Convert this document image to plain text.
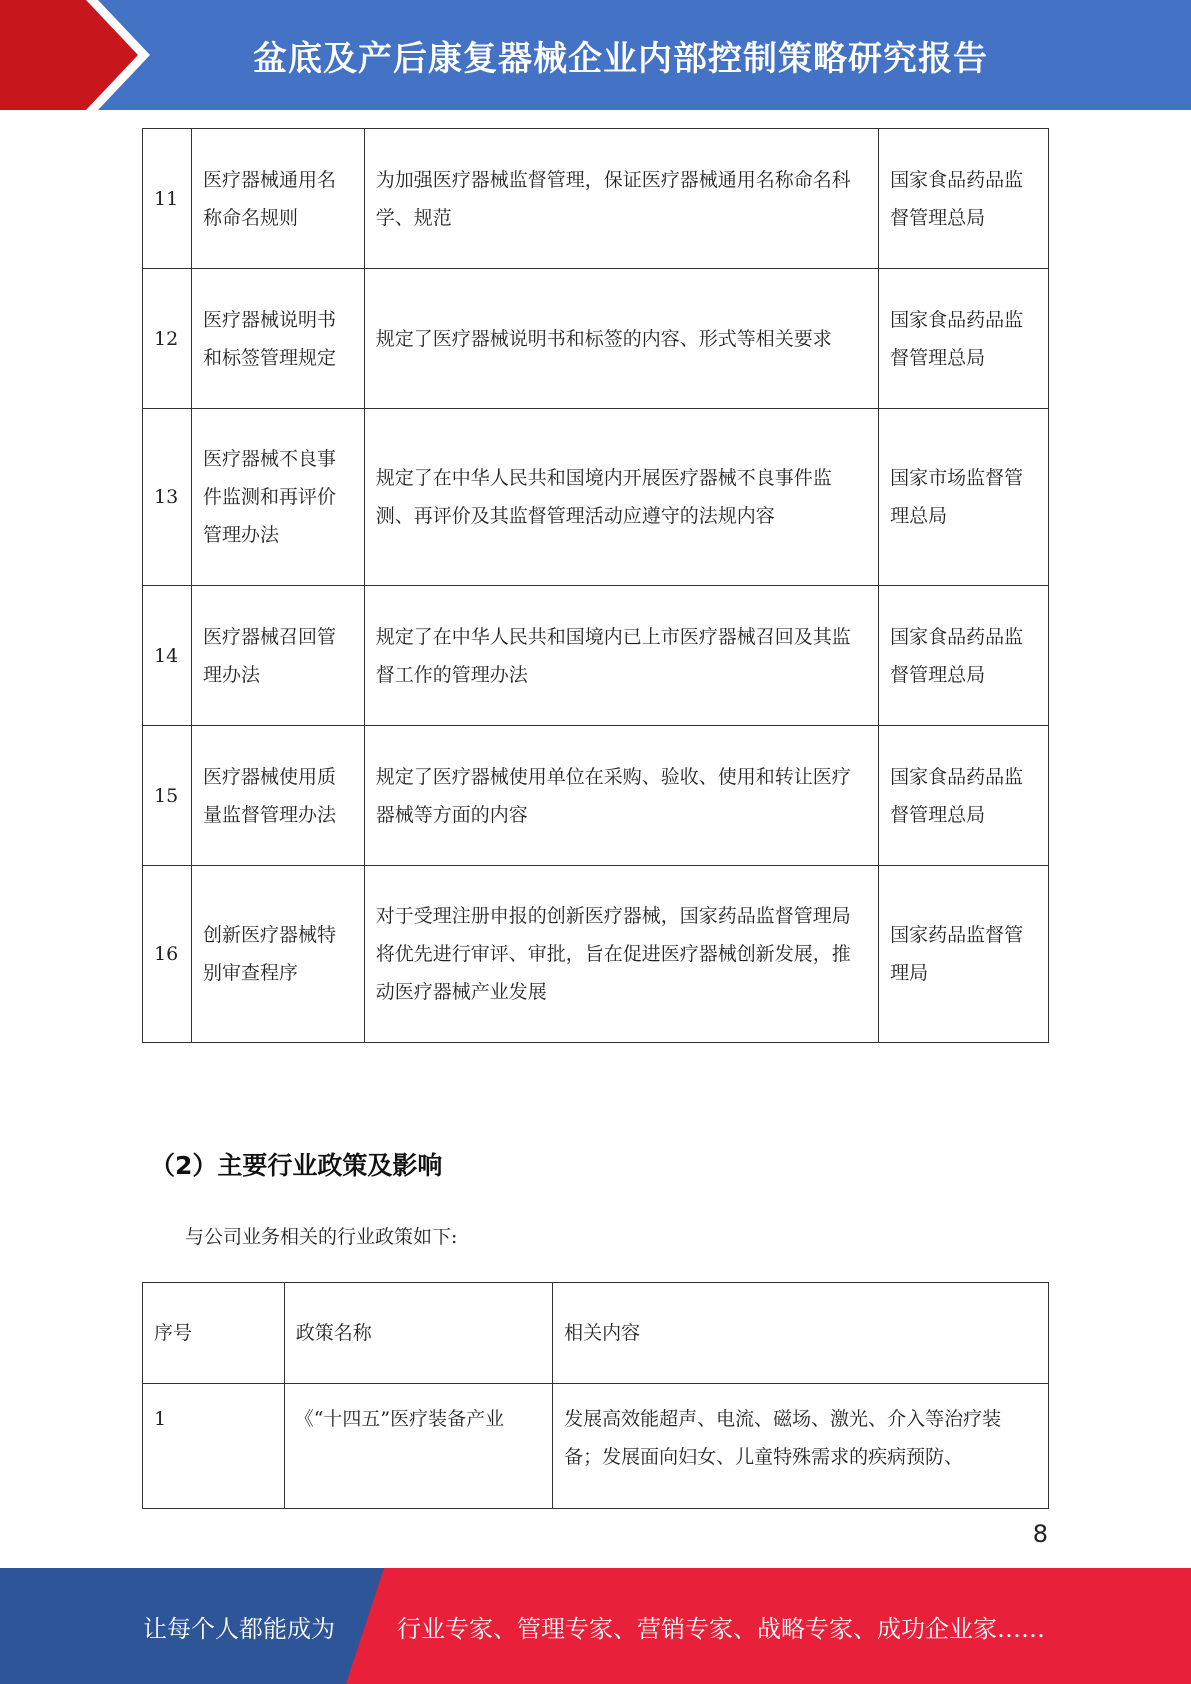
盆底及产后康复器械企业内部控制策略研究报告
11	医疗器械通用名称命名规则	为加强医疗器械监督管理，保证医疗器械通用名称命名科学、规范	国家食品药品监督管理总局
12	医疗器械说明书和标签管理规定	规定了医疗器械说明书和标签的内容、形式等相关要求	国家食品药品监督管理总局
13	医疗器械不良事件监测和再评价管理办法	规定了在中华人民共和国境内开展医疗器械不良事件监测、再评价及其监督管理活动应遵守的法规内容	国家市场监督管理总局
14	医疗器械召回管理办法	规定了在中华人民共和国境内已上市医疗器械召回及其监督工作的管理办法	国家食品药品监督管理总局
15	医疗器械使用质量监督管理办法	规定了医疗器械使用单位在采购、验收、使用和转让医疗器械等方面的内容	国家食品药品监督管理总局
16	创新医疗器械特别审查程序	对于受理注册申报的创新医疗器械，国家药品监督管理局将优先进行审评、审批，旨在促进医疗器械创新发展，推动医疗器械产业发展	国家药品监督管理局
（2）主要行业政策及影响
与公司业务相关的行业政策如下:
序号	政策名称	相关内容
1	《“十四五”医疗装备产业	发展高效能超声、电流、磁场、激光、介入等治疗装备；发展面向妇女、儿童特殊需求的疾病预防、
8
让每个人都能成为	行业专家、管理专家、营销专家、战略专家、成功企业家……
